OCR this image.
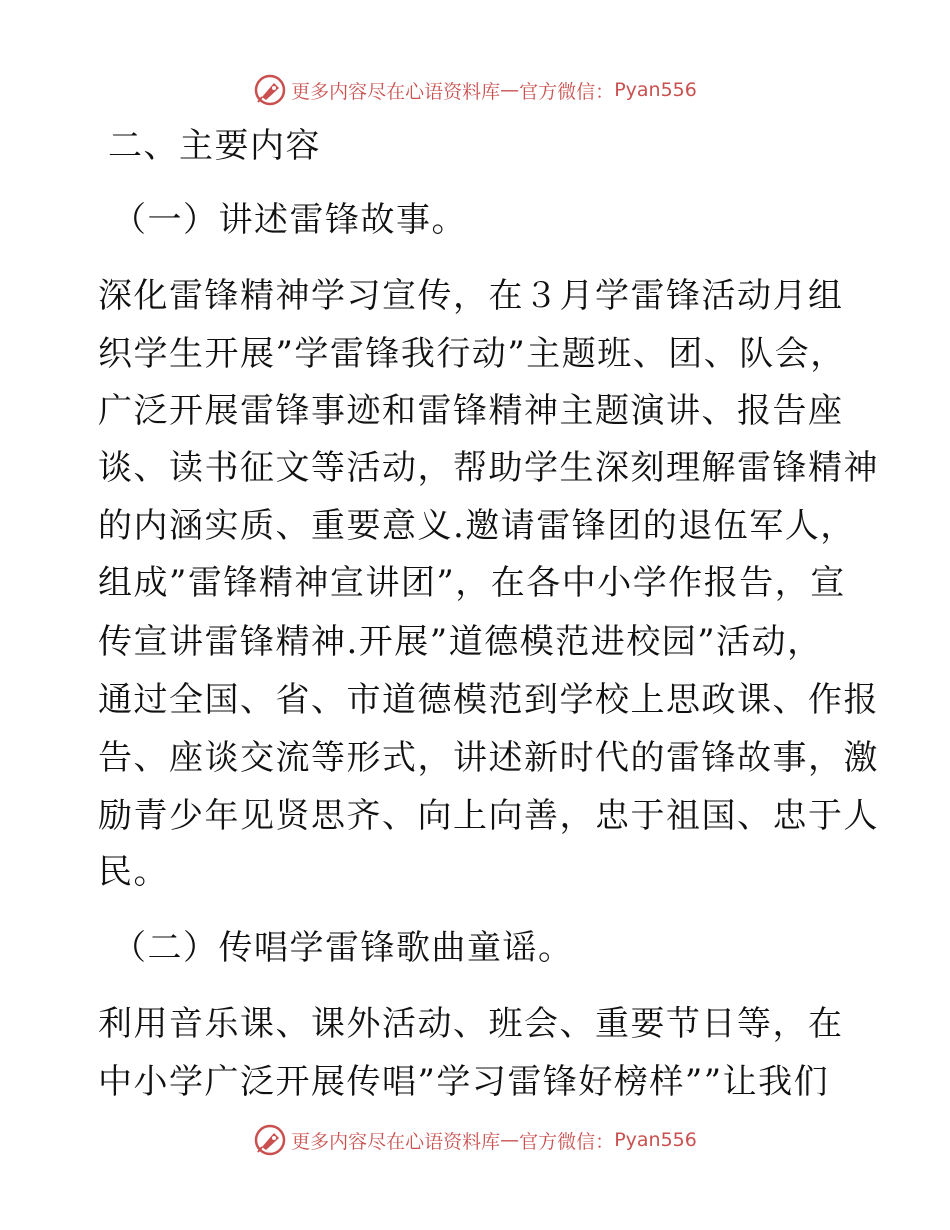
更多内容尽在心语资料库 — 官方微信： Pyan556
二、主要内容
（一）讲述雷锋故事。
深化雷锋精神学习宣传，在３月学雷锋活动月组
织学生开展”学雷锋我行动”主题班、团、队会，
广泛开展雷锋事迹和雷锋精神主题演讲、报告座
谈、读书征文等活动，帮助学生深刻理解雷锋精神
的内涵实质、重要意义.邀请雷锋团的退伍军人，
组成”雷锋精神宣讲团”，在各中小学作报告，宣
传宣讲雷锋精神.开展”道德模范进校园”活动，
通过全国、省、市道德模范到学校上思政课、作报
告、座谈交流等形式，讲述新时代的雷锋故事，激
励青少年见贤思齐、向上向善，忠于祖国、忠于人
民。
（二）传唱学雷锋歌曲童谣。
利用音乐课、课外活动、班会、重要节日等，在
中小学广泛开展传唱”学习雷锋好榜样””让我们
更多内容尽在心语资料库 — 官方微信： Pyan556
